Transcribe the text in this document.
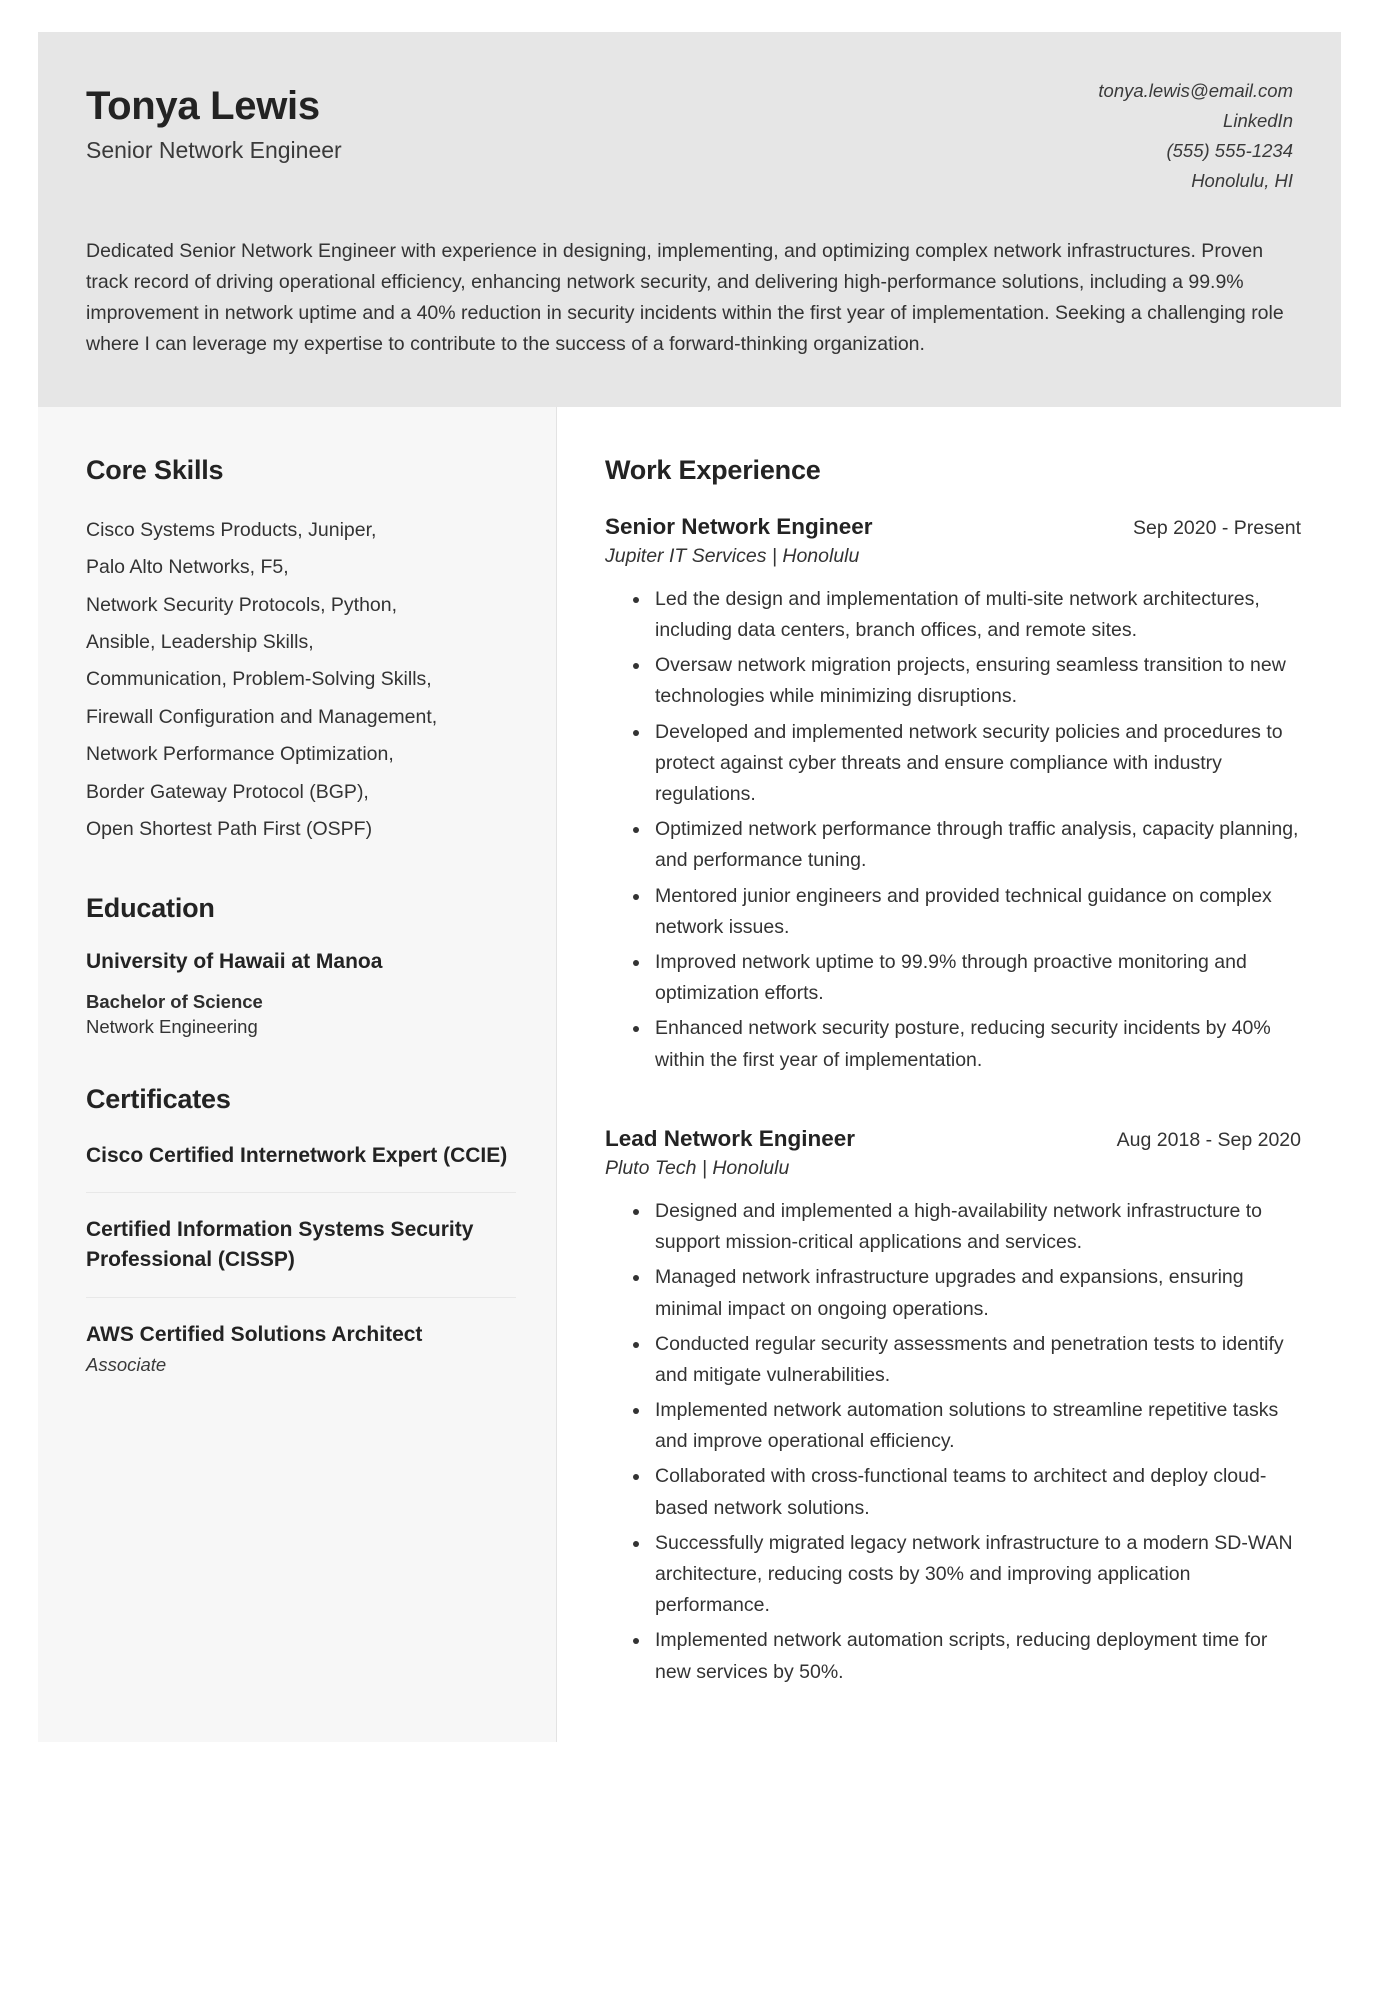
Tonya Lewis
Senior Network Engineer
tonya.lewis@email.com
LinkedIn
(555) 555-1234
Honolulu, HI

Dedicated Senior Network Engineer with experience in designing, implementing, and optimizing complex network infrastructures. Proven track record of driving operational efficiency, enhancing network security, and delivering high-performance solutions, including a 99.9% improvement in network uptime and a 40% reduction in security incidents within the first year of implementation. Seeking a challenging role where I can leverage my expertise to contribute to the success of a forward-thinking organization.

Core Skills
Cisco Systems Products, Juniper,
Palo Alto Networks, F5,
Network Security Protocols, Python,
Ansible, Leadership Skills,
Communication, Problem-Solving Skills,
Firewall Configuration and Management,
Network Performance Optimization,
Border Gateway Protocol (BGP),
Open Shortest Path First (OSPF)
Education
University of Hawaii at Manoa
Bachelor of Science
Network Engineering
Certificates
Cisco Certified Internetwork Expert (CCIE)
Certified Information Systems Security Professional (CISSP)
AWS Certified Solutions Architect
Associate
Work Experience
Senior Network Engineer	Sep 2020 - Present
Jupiter IT Services | Honolulu
Led the design and implementation of multi-site network architectures, including data centers, branch offices, and remote sites.
Oversaw network migration projects, ensuring seamless transition to new technologies while minimizing disruptions.
Developed and implemented network security policies and procedures to protect against cyber threats and ensure compliance with industry regulations.
Optimized network performance through traffic analysis, capacity planning, and performance tuning.
Mentored junior engineers and provided technical guidance on complex network issues.
Improved network uptime to 99.9% through proactive monitoring and optimization efforts.
Enhanced network security posture, reducing security incidents by 40% within the first year of implementation.
Lead Network Engineer	Aug 2018 - Sep 2020
Pluto Tech | Honolulu
Designed and implemented a high-availability network infrastructure to support mission-critical applications and services.
Managed network infrastructure upgrades and expansions, ensuring minimal impact on ongoing operations.
Conducted regular security assessments and penetration tests to identify and mitigate vulnerabilities.
Implemented network automation solutions to streamline repetitive tasks and improve operational efficiency.
Collaborated with cross-functional teams to architect and deploy cloud-based network solutions.
Successfully migrated legacy network infrastructure to a modern SD-WAN architecture, reducing costs by 30% and improving application performance.
Implemented network automation scripts, reducing deployment time for new services by 50%.
